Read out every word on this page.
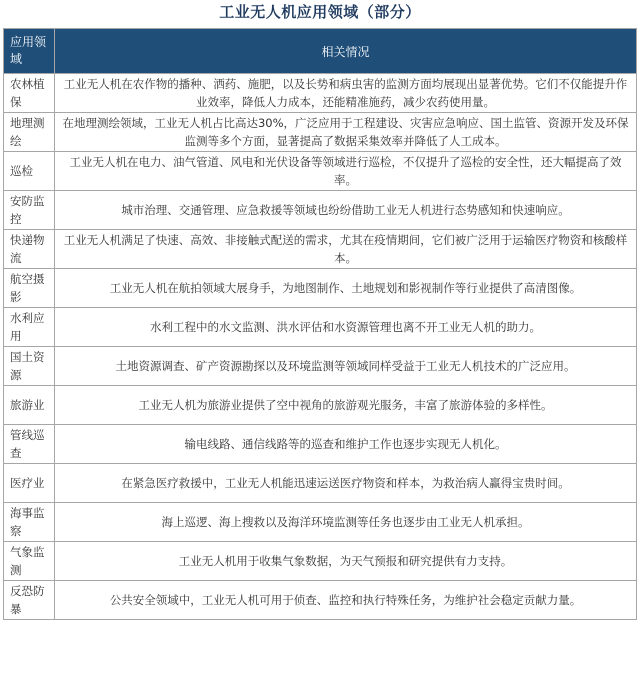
工业无人机应用领域（部分）
应用领域	相关情况
农林植保	工业无人机在农作物的播种、洒药、施肥，以及长势和病虫害的监测方面均展现出显著优势。它们不仅能提升作业效率，降低人力成本，还能精准施药，减少农药使用量。
地理测绘	在地理测绘领域，工业无人机占比高达30%，广泛应用于工程建设、灾害应急响应、国土监管、资源开发及环保监测等多个方面，显著提高了数据采集效率并降低了人工成本。
巡检	工业无人机在电力、油气管道、风电和光伏设备等领域进行巡检，不仅提升了巡检的安全性，还大幅提高了效率。
安防监控	城市治理、交通管理、应急救援等领域也纷纷借助工业无人机进行态势感知和快速响应。
快递物流	工业无人机满足了快速、高效、非接触式配送的需求，尤其在疫情期间，它们被广泛用于运输医疗物资和核酸样本。
航空摄影	工业无人机在航拍领域大展身手，为地图制作、土地规划和影视制作等行业提供了高清图像。
水利应用	水利工程中的水文监测、洪水评估和水资源管理也离不开工业无人机的助力。
国土资源	土地资源调查、矿产资源勘探以及环境监测等领域同样受益于工业无人机技术的广泛应用。
旅游业	工业无人机为旅游业提供了空中视角的旅游观光服务，丰富了旅游体验的多样性。
管线巡查	输电线路、通信线路等的巡查和维护工作也逐步实现无人机化。
医疗业	在紧急医疗救援中，工业无人机能迅速运送医疗物资和样本，为救治病人赢得宝贵时间。
海事监察	海上巡逻、海上搜救以及海洋环境监测等任务也逐步由工业无人机承担。
气象监测	工业无人机用于收集气象数据，为天气预报和研究提供有力支持。
反恐防暴	公共安全领域中，工业无人机可用于侦查、监控和执行特殊任务，为维护社会稳定贡献力量。
